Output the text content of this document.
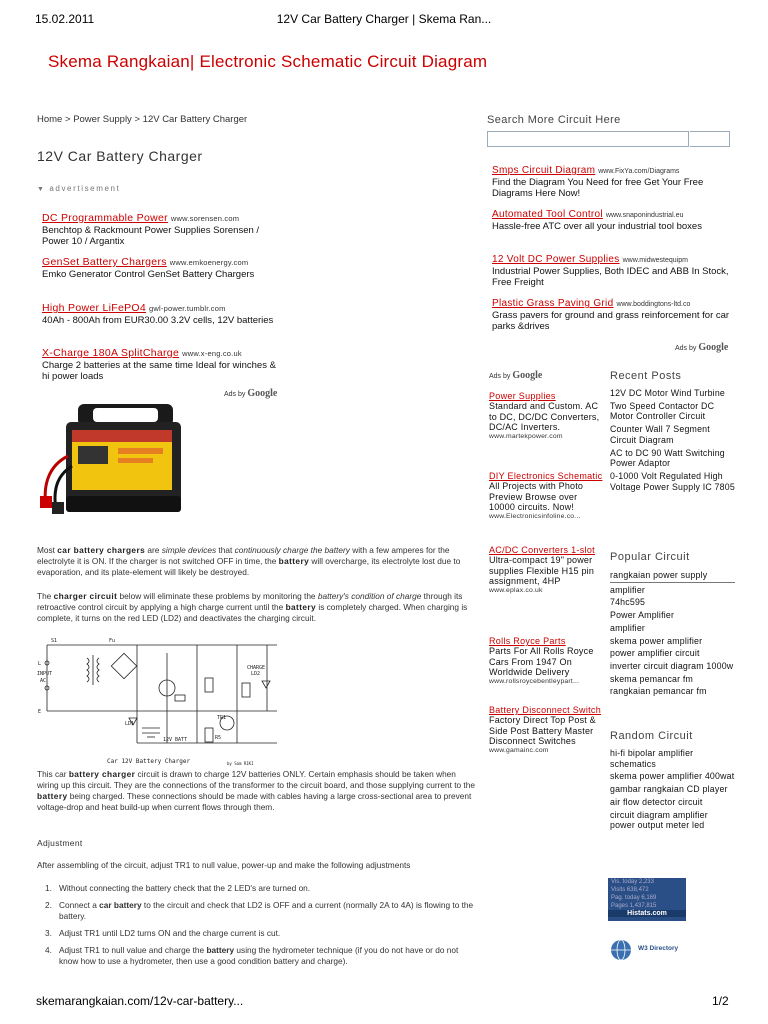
15.02.2011	12V Car Battery Charger | Skema Ran...
Skema Rangkaian| Electronic Schematic Circuit Diagram
Home > Power Supply > 12V Car Battery Charger
12V Car Battery Charger
▼ advertisement
DC Programmable Power www.sorensen.com
Benchtop & Rackmount Power Supplies Sorensen / Power 10 / Argantix
GenSet Battery Chargers www.emkoenergy.com
Emko Generator Control GenSet Battery Chargers
High Power LiFePO4 gwl-power.tumblr.com
40Ah - 800Ah from EUR30.00 3.2V cells, 12V batteries
X-Charge 180A SplitCharge www.x-eng.co.uk
Charge 2 batteries at the same time Ideal for winches & hi power loads
Ads by Google
Most car battery chargers are simple devices that continuously charge the battery with a few amperes for the electrolyte it is ON. If the charger is not switched OFF in time, the battery will overcharge, its electrolyte lost due to evaporation, and its plate-element will likely be destroyed.
The charger circuit below will eliminate these problems by monitoring the battery's condition of charge through its retroactive control circuit by applying a high charge current until the battery is completely charged. When charging is complete, it turns on the red LED (LD2) and deactivates the charging circuit.
S1
L
E
INPUT
AC
Fu
LD1
12V BATT
LD2
CHARGE
TR1
R5
Car 12V Battery Charger	by Sam RIKI
This car battery charger circuit is drawn to charge 12V batteries ONLY. Certain emphasis should be taken when wiring up this circuit. They are the connections of the transformer to the circuit board, and those supplying current to the battery being charged. These connections should be made with cables having a large cross-sectional area to prevent voltage-drop and heat build-up when current flows through them.
Adjustment
After assembling of the circuit, adjust TR1 to null value, power-up and make the following adjustments
1. Without connecting the battery check that the 2 LED's are turned on.
2. Connect a car battery to the circuit and check that LD2 is OFF and a current (normally 2A to 4A) is flowing to the battery.
3. Adjust TR1 until LD2 turns ON and the charge current is cut.
4. Adjust TR1 to null value and charge the battery using the hydrometer technique (if you do not have or do not know how to use a hydrometer, then use a good condition battery and charge).
Search More Circuit Here
Smps Circuit Diagram www.FixYa.com/Diagrams
Find the Diagram You Need for free Get Your Free Diagrams Here Now!
Automated Tool Control www.snaponindustrial.eu
Hassle-free ATC over all your industrial tool boxes
12 Volt DC Power Supplies www.midwestequipm
Industrial Power Supplies, Both IDEC and ABB In Stock, Free Freight
Plastic Grass Paving Grid www.boddingtons-ltd.co
Grass pavers for ground and grass reinforcement for car parks &drives
Ads by Google
Ads by Google
Power Supplies
Standard and Custom. AC to DC, DC/DC Converters, DC/AC Inverters.
www.martekpower.com
DIY Electronics Schematic
All Projects with Photo Preview Browse over 10000 circuits. Now!
www.Electronicsinfoline.co...
AC/DC Converters 1-slot
Ultra-compact 19" power supplies Flexible H15 pin assignment, 4HP
www.eplax.co.uk
Rolls Royce Parts
Parts For All Rolls Royce Cars From 1947 On Worldwide Delivery
www.rollsroycebentleypart...
Battery Disconnect Switch
Factory Direct Top Post & Side Post Battery Master Disconnect Switches
www.gamainc.com
Recent Posts
12V DC Motor Wind Turbine
Two Speed Contactor DC Motor Controller Circuit
Counter Wall 7 Segment Circuit Diagram
AC to DC 90 Watt Switching Power Adaptor
0-1000 Volt Regulated High Voltage Power Supply IC 7805
Popular Circuit
rangkaian power supply
amplifier
74hc595
Power Amplifier
amplifier
skema power amplifier
power amplifier circuit
inverter circuit diagram 1000w
skema pemancar fm
rangkaian pemancar fm
Random Circuit
hi-fi bipolar amplifier schematics
skema power amplifier 400wat
gambar rangkaian CD player
air flow detector circuit
circuit diagram amplifier power output meter led
Vis. today 2,233
Visits 638,472
Pag. today 6,169
Pages 1,437,815
Histats.com
W3 Directory
skemarangkaian.com/12v-car-battery...	1/2
